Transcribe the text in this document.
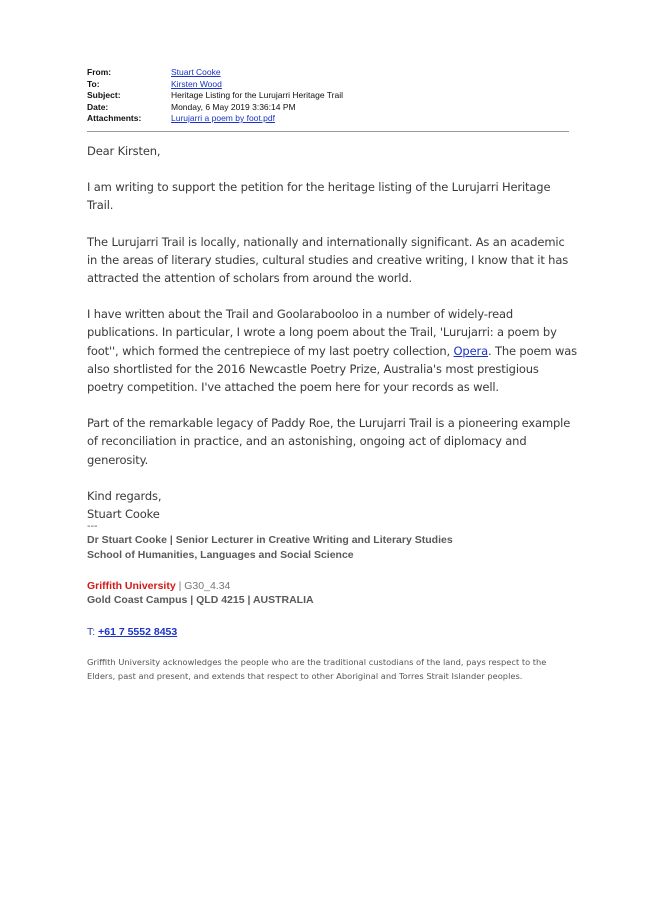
From:	Stuart Cooke
To:	Kirsten Wood
Subject:	Heritage Listing for the Lurujarri Heritage Trail
Date:	Monday, 6 May 2019 3:36:14 PM
Attachments:	Lurujarri a poem by foot.pdf

Dear Kirsten,

I am writing to support the petition for the heritage listing of the Lurujarri Heritage Trail.

The Lurujarri Trail is locally, nationally and internationally significant. As an academic in the areas of literary studies, cultural studies and creative writing, I know that it has attracted the attention of scholars from around the world.

I have written about the Trail and Goolarabooloo in a number of widely-read publications. In particular, I wrote a long poem about the Trail, 'Lurujarri: a poem by foot'', which formed the centrepiece of my last poetry collection, Opera. The poem was also shortlisted for the 2016 Newcastle Poetry Prize, Australia's most prestigious poetry competition. I've attached the poem here for your records as well.

Part of the remarkable legacy of Paddy Roe, the Lurujarri Trail is a pioneering example of reconciliation in practice, and an astonishing, ongoing act of diplomacy and generosity.

Kind regards,
Stuart Cooke
---
Dr Stuart Cooke | Senior Lecturer in Creative Writing and Literary Studies
School of Humanities, Languages and Social Science
Griffith University | G30_4.34
Gold Coast Campus | QLD 4215 | AUSTRALIA
T: +61 7 5552 8453
Griffith University acknowledges the people who are the traditional custodians of the land, pays respect to the Elders, past and present, and extends that respect to other Aboriginal and Torres Strait Islander peoples.
